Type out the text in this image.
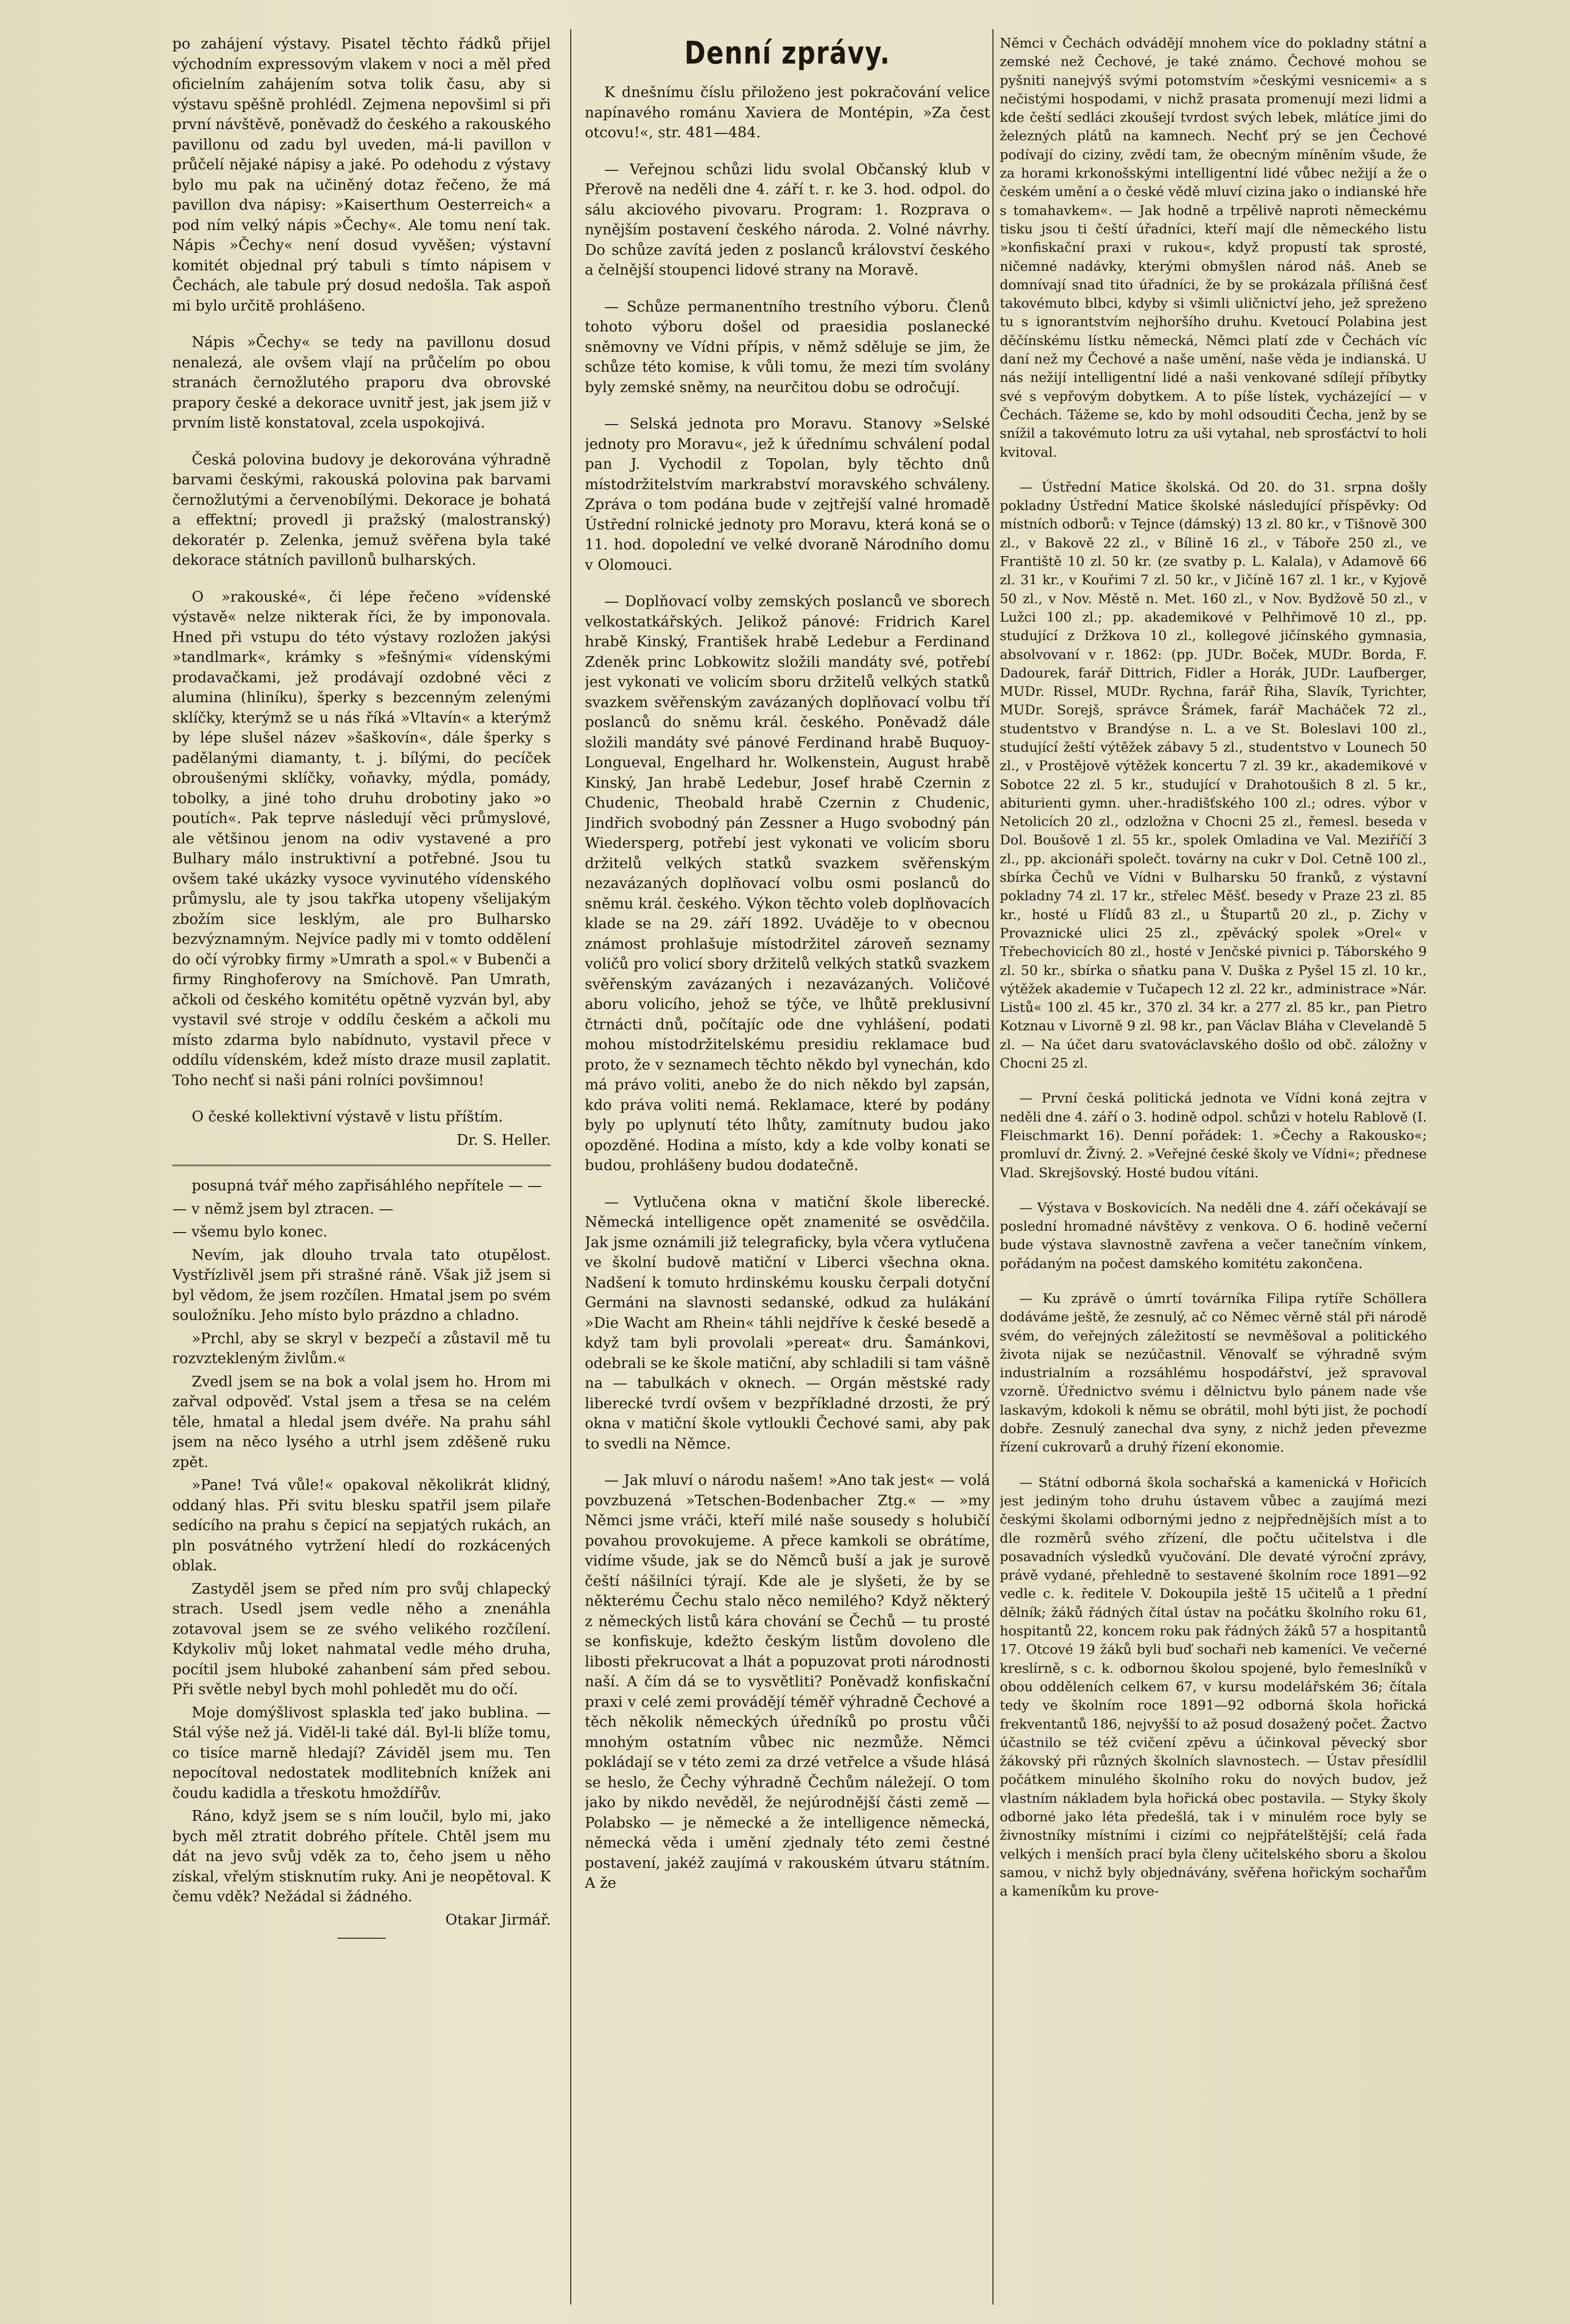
po zahájení výstavy. Pisatel těchto řádků přijel východním expressovým vlakem v noci a měl před oficielním zahájením sotva tolik času, aby si výstavu spěšně prohlédl. Zejmena nepovšiml si při první návštěvě, poněvadž do českého a rakouského pavillonu od zadu byl uveden, má-li pavillon v průčelí nějaké nápisy a jaké. Po odehodu z výstavy bylo mu pak na učiněný dotaz řečeno, že má pavillon dva nápisy: »Kaiserthum Oesterreich« a pod ním velký nápis »Čechy«. Ale tomu není tak. Nápis »Čechy« není dosud vyvěšen; výstavní komitét objednal prý tabuli s tímto nápisem v Čechách, ale tabule prý dosud nedošla. Tak aspoň mi bylo určitě prohlášeno.

Nápis »Čechy« se tedy na pavillonu dosud nenalezá, ale ovšem vlají na průčelím po obou stranách černožlutého praporu dva obrovské prapory české a dekorace uvnitř jest, jak jsem již v prvním listě konstatoval, zcela uspokojivá.

Česká polovina budovy je dekorována výhradně barvami českými, rakouská polovina pak barvami černožlutými a červenobílými. Dekorace je bohatá a effektní; provedl ji pražský (malostranský) dekoratér p. Zelenka, jemuž svěřena byla také dekorace státních pavillonů bulharských.

O »rakouské«, či lépe řečeno »vídenské výstavě« nelze nikterak říci, že by imponovala. Hned při vstupu do této výstavy rozložen jakýsi »tandlmark«, krámky s »fešnými« vídenskými prodavačkami, jež prodávají ozdobné věci z alumina (hliníku), šperky s bezcenným zelenými sklíčky, kterýmž se u nás říká »Vltavín« a kterýmž by lépe slušel název »šaškovín«, dále šperky s padělanými diamanty, t. j. bílými, do pecíček obroušenými sklíčky, voňavky, mýdla, pomády, tobolky, a jiné toho druhu drobotiny jako »o poutích«. Pak teprve následují věci průmyslové, ale většinou jenom na odiv vystavené a pro Bulhary málo instruktivní a potřebné. Jsou tu ovšem také ukázky vysoce vyvinutého vídenského průmyslu, ale ty jsou takřka utopeny všelijakým zbožím sice lesklým, ale pro Bulharsko bezvýznamným. Nejvíce padly mi v tomto oddělení do očí výrobky firmy »Umrath a spol.« v Bubenči a firmy Ringhoferovy na Smíchově. Pan Umrath, ačkoli od českého komitétu opětně vyzván byl, aby vystavil své stroje v oddílu českém a ačkoli mu místo zdarma bylo nabídnuto, vystavil přece v oddílu vídenském, kdež místo draze musil zaplatit. Toho nechť si naši páni rolníci povšimnou!

O české kollektivní výstavě v listu příštím.

Dr. S. Heller.

posupná tvář mého zapřisáhlého nepřítele — —

— v němž jsem byl ztracen. —

— všemu bylo konec.

Nevím, jak dlouho trvala tato otupělost. Vystřízlivěl jsem při strašné ráně. Však již jsem si byl vědom, že jsem rozčílen. Hmatal jsem po svém souložníku. Jeho místo bylo prázdno a chladno.

»Prchl, aby se skryl v bezpečí a zůstavil mě tu rozvztekleným živlům.«

Zvedl jsem se na bok a volal jsem ho. Hrom mi zařval odpověď. Vstal jsem a třesa se na celém těle, hmatal a hledal jsem dvéře. Na prahu sáhl jsem na něco lysého a utrhl jsem zděšeně ruku zpět.

»Pane! Tvá vůle!« opakoval několikrát klidný, oddaný hlas. Při svitu blesku spatřil jsem pilaře sedícího na prahu s čepicí na sepjatých rukách, an pln posvátného vytržení hledí do rozkácených oblak.

Zastyděl jsem se před ním pro svůj chlapecký strach. Usedl jsem vedle něho a znenáhla zotavoval jsem se ze svého velikého rozčílení. Kdykoliv můj loket nahmatal vedle mého druha, pocítil jsem hluboké zahanbení sám před sebou. Při světle nebyl bych mohl pohledět mu do očí.

Moje domýšlivost splaskla teď jako bublina. — Stál výše než já. Viděl-li také dál. Byl-li blíže tomu, co tisíce marně hledají? Záviděl jsem mu. Ten nepocítoval nedostatek modlitebních knížek ani čoudu kadidla a třeskotu hmoždířův.

Ráno, když jsem se s ním loučil, bylo mi, jako bych měl ztratit dobrého přítele. Chtěl jsem mu dát na jevo svůj vděk za to, čeho jsem u něho získal, vřelým stisknutím ruky. Ani je neopětoval. K čemu vděk? Nežádal si žádného.

Otakar Jirmář.

Denní zprávy.

K dnešnímu číslu přiloženo jest pokračování velice napínavého románu Xaviera de Montépin, »Za čest otcovu!«, str. 481—484.

— Veřejnou schůzi lidu svolal Občanský klub v Přerově na neděli dne 4. září t. r. ke 3. hod. odpol. do sálu akciového pivovaru. Program: 1. Rozprava o nynějším postavení českého národa. 2. Volné návrhy. Do schůze zavítá jeden z poslanců království českého a čelnější stoupenci lidové strany na Moravě.

— Schůze permanentního trestního výboru. Členů tohoto výboru došel od praesidia poslanecké sněmovny ve Vídni přípis, v němž sděluje se jim, že schůze této komise, k vůli tomu, že mezi tím svolány byly zemské sněmy, na neurčitou dobu se odročují.

— Selská jednota pro Moravu. Stanovy »Selské jednoty pro Moravu«, jež k úřednímu schválení podal pan J. Vychodil z Topolan, byly těchto dnů místodržitelstvím markrabství moravského schváleny. Zpráva o tom podána bude v zejtřejší valné hromadě Ústřední rolnické jednoty pro Moravu, která koná se o 11. hod. dopolední ve velké dvoraně Národního domu v Olomouci.

— Doplňovací volby zemských poslanců ve sborech velkostatkářských. Jelikož pánové: Fridrich Karel hrabě Kinský, František hrabě Ledebur a Ferdinand Zdeněk princ Lobkowitz složili mandáty své, potřebí jest vykonati ve volicím sboru držitelů velkých statků svazkem svěřenským zavázaných doplňovací volbu tří poslanců do sněmu král. českého. Poněvadž dále složili mandáty své pánové Ferdinand hrabě Buquoy-Longueval, Engelhard hr. Wolkenstein, August hrabě Kinský, Jan hrabě Ledebur, Josef hrabě Czernin z Chudenic, Theobald hrabě Czernin z Chudenic, Jindřich svobodný pán Zessner a Hugo svobodný pán Wiedersperg, potřebí jest vykonati ve volicím sboru držitelů velkých statků svazkem svěřenským nezavázaných doplňovací volbu osmi poslanců do sněmu král. českého. Výkon těchto voleb doplňovacích klade se na 29. září 1892. Uváděje to v obecnou známost prohlašuje místodržitel zároveň seznamy voličů pro volicí sbory držitelů velkých statků svazkem svěřenským zavázaných i nezavázaných. Voličové aboru volicího, jehož se týče, ve lhůtě preklusivní čtrnácti dnů, počítajíc ode dne vyhlášení, podati mohou místodržitelskému presidiu reklamace buď proto, že v seznamech těchto někdo byl vynechán, kdo má právo voliti, anebo že do nich někdo byl zapsán, kdo práva voliti nemá. Reklamace, které by podány byly po uplynutí této lhůty, zamítnuty budou jako opozděné. Hodina a místo, kdy a kde volby konati se budou, prohlášeny budou dodatečně.

— Vytlučena okna v matiční škole liberecké. Německá intelligence opět znamenité se osvědčila. Jak jsme oznámili již telegraficky, byla včera vytlučena ve školní budově matiční v Liberci všechna okna. Nadšení k tomuto hrdinskému kousku čerpali dotyční Germáni na slavnosti sedanské, odkud za hulákání »Die Wacht am Rhein« táhli nejdříve k české besedě a když tam byli provolali »pereat« dru. Šamánkovi, odebrali se ke škole matiční, aby schladili si tam vášně na — tabulkách v oknech. — Orgán městské rady liberecké tvrdí ovšem v bezpříkladné drzosti, že prý okna v matiční škole vytloukli Čechové sami, aby pak to svedli na Němce.

— Jak mluví o národu našem! »Ano tak jest« — volá povzbuzená »Tetschen-Bodenbacher Ztg.« — »my Němci jsme vráči, kteří milé naše sousedy s holubičí povahou provokujeme. A přece kamkoli se obrátíme, vidíme všude, jak se do Němců buší a jak je surově čeští nášilníci týrají. Kde ale je slyšeti, že by se některému Čechu stalo něco nemilého? Když některý z německých listů kára chování se Čechů — tu prosté se konfiskuje, kdežto českým listům dovoleno dle libosti překrucovat a lhát a popuzovat proti národnosti naší. A čím dá se to vysvětliti? Poněvadž konfiskační praxi v celé zemi provádějí téměř výhradně Čechové a těch několik německých úředníků po prostu vůči mnohým ostatním vůbec nic nezmůže. Němci pokládají se v této zemi za drzé vetřelce a všude hlásá se heslo, že Čechy výhradně Čechům náležejí. O tom jako by nikdo nevěděl, že nejúrodnější části země — Polabsko — je německé a že intelligence německá, německá věda i umění zjednaly této zemi čestné postavení, jakéž zaujímá v rakouském útvaru státním. A že

Němci v Čechách odvádějí mnohem více do pokladny státní a zemské než Čechové, je také známo. Čechové mohou se pyšniti nanejvýš svými potomstvím »českými vesnicemi« a s nečistými hospodami, v nichž prasata promenují mezi lidmi a kde čeští sedláci zkoušejí tvrdost svých lebek, mlátíce jimi do železných plátů na kamnech. Nechť prý se jen Čechové podívají do ciziny, zvědí tam, že obecným míněním všude, že za horami krkonošskými intelligentní lidé vůbec nežijí a že o českém umění a o české vědě mluví cizina jako o indianské hře s tomahavkem«. — Jak hodně a trpělivě naproti německému tisku jsou ti čeští úřadníci, kteří mají dle německého listu »konfiskační praxi v rukou«, když propustí tak sprosté, ničemné nadávky, kterými obmyšlen národ náš. Aneb se domnívají snad tito úřadníci, že by se prokázala přílišná česť takovémuto blbci, kdyby si všimli uličnictví jeho, jež spreženo tu s ignorantstvím nejhoršího druhu. Kvetoucí Polabina jest děčínskému lístku německá, Němci platí zde v Čechách víc daní než my Čechové a naše umění, naše věda je indianská. U nás nežijí intelligentní lidé a naši venkované sdílejí příbytky své s vepřovým dobytkem. A to píše lístek, vycházející — v Čechách. Tážeme se, kdo by mohl odsouditi Čecha, jenž by se snížil a takovémuto lotru za uši vytahal, neb sprosťáctví to holi kvitoval.

— Ústřední Matice školská. Od 20. do 31. srpna došly pokladny Ústřední Matice školské následující příspěvky: Od místních odborů: v Tejnce (dámský) 13 zl. 80 kr., v Tišnově 300 zl., v Bakově 22 zl., v Bílině 16 zl., v Táboře 250 zl., ve Františtě 10 zl. 50 kr. (ze svatby p. L. Kalala), v Adamově 66 zl. 31 kr., v Kouřimi 7 zl. 50 kr., v Jičíně 167 zl. 1 kr., v Kyjově 50 zl., v Nov. Městě n. Met. 160 zl., v Nov. Bydžově 50 zl., v Lužci 100 zl.; pp. akademikové v Pelhřimově 10 zl., pp. studující z Držkova 10 zl., kollegové jičínského gymnasia, absolvovaní v r. 1862: (pp. JUDr. Boček, MUDr. Borda, F. Dadourek, farář Dittrich, Fidler a Horák, JUDr. Laufberger, MUDr. Rissel, MUDr. Rychna, farář Řiha, Slavík, Tyrichter, MUDr. Sorejš, správce Šrámek, farář Macháček 72 zl., studentstvo v Brandýse n. L. a ve St. Boleslavi 100 zl., studující žeští výtěžek zábavy 5 zl., studentstvo v Lounech 50 zl., v Prostějově výtěžek koncertu 7 zl. 39 kr., akademikové v Sobotce 22 zl. 5 kr., studující v Drahotoušich 8 zl. 5 kr., abiturienti gymn. uher.-hradišťského 100 zl.; odres. výbor v Netolicích 20 zl., odzložna v Chocni 25 zl., řemesl. beseda v Dol. Boušově 1 zl. 55 kr., spolek Omladina ve Val. Meziříčí 3 zl., pp. akcionáři společt. továrny na cukr v Dol. Cetně 100 zl., sbírka Čechů ve Vídni v Bulharsku 50 franků, z výstavní pokladny 74 zl. 17 kr., střelec Měšť. besedy v Praze 23 zl. 85 kr., hosté u Flídů 83 zl., u Štupartů 20 zl., p. Zichy v Provaznické ulici 25 zl., zpěvácký spolek »Orel« v Třebechovicích 80 zl., hosté v Jenčské pivnici p. Táborského 9 zl. 50 kr., sbírka o sňatku pana V. Duška z Pyšel 15 zl. 10 kr., výtěžek akademie v Tučapech 12 zl. 22 kr., administrace »Nár. Listů« 100 zl. 45 kr., 370 zl. 34 kr. a 277 zl. 85 kr., pan Pietro Kotznau v Livorně 9 zl. 98 kr., pan Václav Bláha v Clevelandě 5 zl. — Na účet daru svatováclavského došlo od obč. záložny v Chocni 25 zl.

— První česká politická jednota ve Vídni koná zejtra v neděli dne 4. září o 3. hodině odpol. schůzi v hotelu Rablově (I. Fleischmarkt 16). Denní pořádek: 1. »Čechy a Rakousko«; promluví dr. Živný. 2. »Veřejné české školy ve Vídni«; přednese Vlad. Skrejšovský. Hosté budou vítáni.

— Výstava v Boskovicích. Na neděli dne 4. září očekávají se poslední hromadné návštěvy z venkova. O 6. hodině večerní bude výstava slavnostně zavřena a večer tanečním vínkem, pořádaným na počest damského komitétu zakončena.

— Ku zprávě o úmrtí továrníka Filipa rytíře Schöllera dodáváme ještě, že zesnulý, ač co Němec věrně stál při národě svém, do veřejných záležitostí se nevměšoval a politického života nijak se nezúčastnil. Věnovalť se výhradně svým industrialním a rozsáhlému hospodářství, jež spravoval vzorně. Úřednictvo svému i dělnictvu bylo pánem nade vše laskavým, kdokoli k němu se obrátil, mohl býti jist, že pochodí dobře. Zesnulý zanechal dva syny, z nichž jeden převezme řízení cukrovarů a druhý řízení ekonomie.

— Státní odborná škola sochařská a kamenická v Hořicích jest jediným toho druhu ústavem vůbec a zaujímá mezi českými školami odbornými jedno z nejpřednějších míst a to dle rozměrů svého zřízení, dle počtu učitelstva i dle posavadních výsledků vyučování. Dle devaté výroční zprávy, právě vydané, přehledně to sestavené školním roce 1891—92 vedle c. k. ředitele V. Dokoupila ještě 15 učitelů a 1 přední dělník; žáků řádných čítal ústav na počátku školního roku 61, hospitantů 22, koncem roku pak řádných žáků 57 a hospitantů 17. Otcové 19 žáků byli buď sochaři neb kameníci. Ve večerné kreslírně, s c. k. odbornou školou spojené, bylo řemeslníků v obou odděleních celkem 67, v kursu modelářském 36; čítala tedy ve školním roce 1891—92 odborná škola hořická frekventantů 186, nejvyšší to až posud dosažený počet. Žactvo účastnilo se též cvičení zpěvu a účinkoval pěvecký sbor žákovský při různých školních slavnostech. — Ústav přesídlil počátkem minulého školního roku do nových budov, jež vlastním nákladem byla hořická obec postavila. — Styky školy odborné jako léta předešlá, tak i v minulém roce byly se živnostníky místními i cizími co nejpřátelštější; celá řada velkých i menších prací byla členy učitelského sboru a školou samou, v nichž byly objednávány, svěřena hořickým sochařům a kameníkům ku prove-
